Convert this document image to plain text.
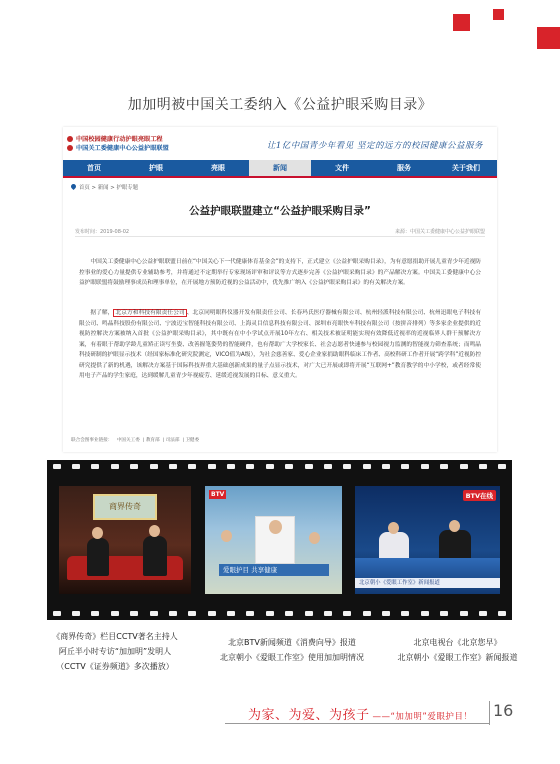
加加明被中国关工委纳入《公益护眼采购目录》
中国校园健康行动护眼亮眼工程
中国关工委健康中心公益护眼联盟	让1亿中国青少年看见 坚定的远方的校园健康公益服务
首页	护眼	亮眼	新闻	文件	服务	关于我们
首页 > 新闻 > 护眼专题
公益护眼联盟建立“公益护眼采购目录”
发布时间：2019-08-02	来源：中国关工委健康中心公益护眼联盟
中国关工委健康中心公益护眼联盟日前在“中国关心下一代健康体育基金会”的支持下，正式建立《公益护眼采购目录》，为有意愿捐助开展儿童青少年近视防控事业的爱心力量提供专业辅助参考，并将通过不定期举行专家现场评审和评议等方式逐步完善《公益护眼采购目录》的产品解决方案。中国关工委健康中心公益护眼联盟将鼓励理事成员和理事单位，在开展地方预防近视的公益活动中，优先推广纳入《公益护眼采购目录》的有关解决方案。
据了解， 北京方和科技有限责任公司 、北京同明眼科仪器开发有限责任公司、长春玛氏医疗器械有限公司、杭州轻派科技有限公司、杭州迅眼电子科技有限公司、鸣晶科技股份有限公司、宁波迈宝智能科技有限公司、上海灵目信息科技有限公司、深圳市亮眼快车科技有限公司（按拼音排列）等多家企业提供的近视防控解决方案被纳入首批《公益护眼采购目录》，其中既有在中小学试点开展10年左右、相关技术被证明能实现有效降低近视率的近视临界人群干预解决方案，有着眼于帮助学龄儿童矫正读写坐姿、改善握笔姿势的智能硬件，也有帮助广大学校家长、社会志愿者快速参与校园视力监测的智能视力筛查系统；而鸣晶科技研制的护眼显示技术（经国家标准化研究院测定，VICO值为A级），为社会慈善家、爱心企业家捐助眼科临床工作者、高校科研工作者开展“跨学科”近视防控研究提供了新的机遇，该解决方案基于国际科技界重大基础创新成果的量子点显示技术，对广大已开展或即将开展“互联网+”教育教学的中小学校，或者经常使用电子产品的学生家庭，达到缓解儿童青少年视疲劳、延缓近视发展的目标、意义重大。
联合会图事业链接： 中国关工委 | 教育部 | 司法部 | 卫健委
商界传奇
BTV
爱眼护目 共享健康
BTV在线
北京朝小《爱眼工作室》新闻报道
《商界传奇》栏目CCTV著名主持人
阿丘半小时专访“加加明”发明人
（CCTV《证券频道》多次播放）
北京BTV新闻频道《消费向导》报道
北京朝小《爱眼工作室》使用加加明情况
北京电视台《北京您早》
北京朝小《爱眼工作室》新闻报道
为家、为爱、为孩子 ——“加加明”爱眼护目！ 16
